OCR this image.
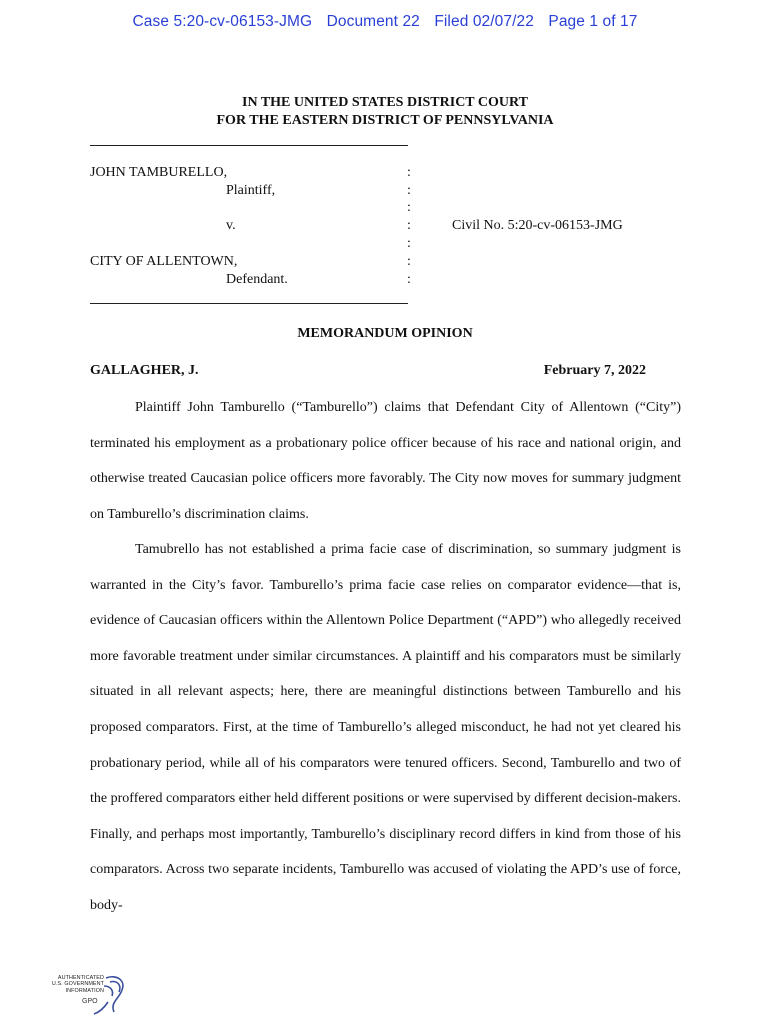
Case 5:20-cv-06153-JMG Document 22 Filed 02/07/22 Page 1 of 17
IN THE UNITED STATES DISTRICT COURT
FOR THE EASTERN DISTRICT OF PENNSYLVANIA
JOHN TAMBURELLO,
Plaintiff,
v.
CITY OF ALLENTOWN,
Defendant.
:
:
:
:
:
:
:
Civil No. 5:20-cv-06153-JMG
MEMORANDUM OPINION
GALLAGHER, J.	February 7, 2022

Plaintiff John Tamburello (“Tamburello”) claims that Defendant City of Allentown (“City”) terminated his employment as a probationary police officer because of his race and national origin, and otherwise treated Caucasian police officers more favorably. The City now moves for summary judgment on Tamburello’s discrimination claims.

Tamubrello has not established a prima facie case of discrimination, so summary judgment is warranted in the City’s favor. Tamburello’s prima facie case relies on comparator evidence—that is, evidence of Caucasian officers within the Allentown Police Department (“APD”) who allegedly received more favorable treatment under similar circumstances. A plaintiff and his comparators must be similarly situated in all relevant aspects; here, there are meaningful distinctions between Tamburello and his proposed comparators. First, at the time of Tamburello’s alleged misconduct, he had not yet cleared his probationary period, while all of his comparators were tenured officers. Second, Tamburello and two of the proffered comparators either held different positions or were supervised by different decision-makers. Finally, and perhaps most importantly, Tamburello’s disciplinary record differs in kind from those of his comparators. Across two separate incidents, Tamburello was accused of violating the APD’s use of force, body-

AUTHENTICATED
U.S. GOVERNMENT
INFORMATION
GPO
